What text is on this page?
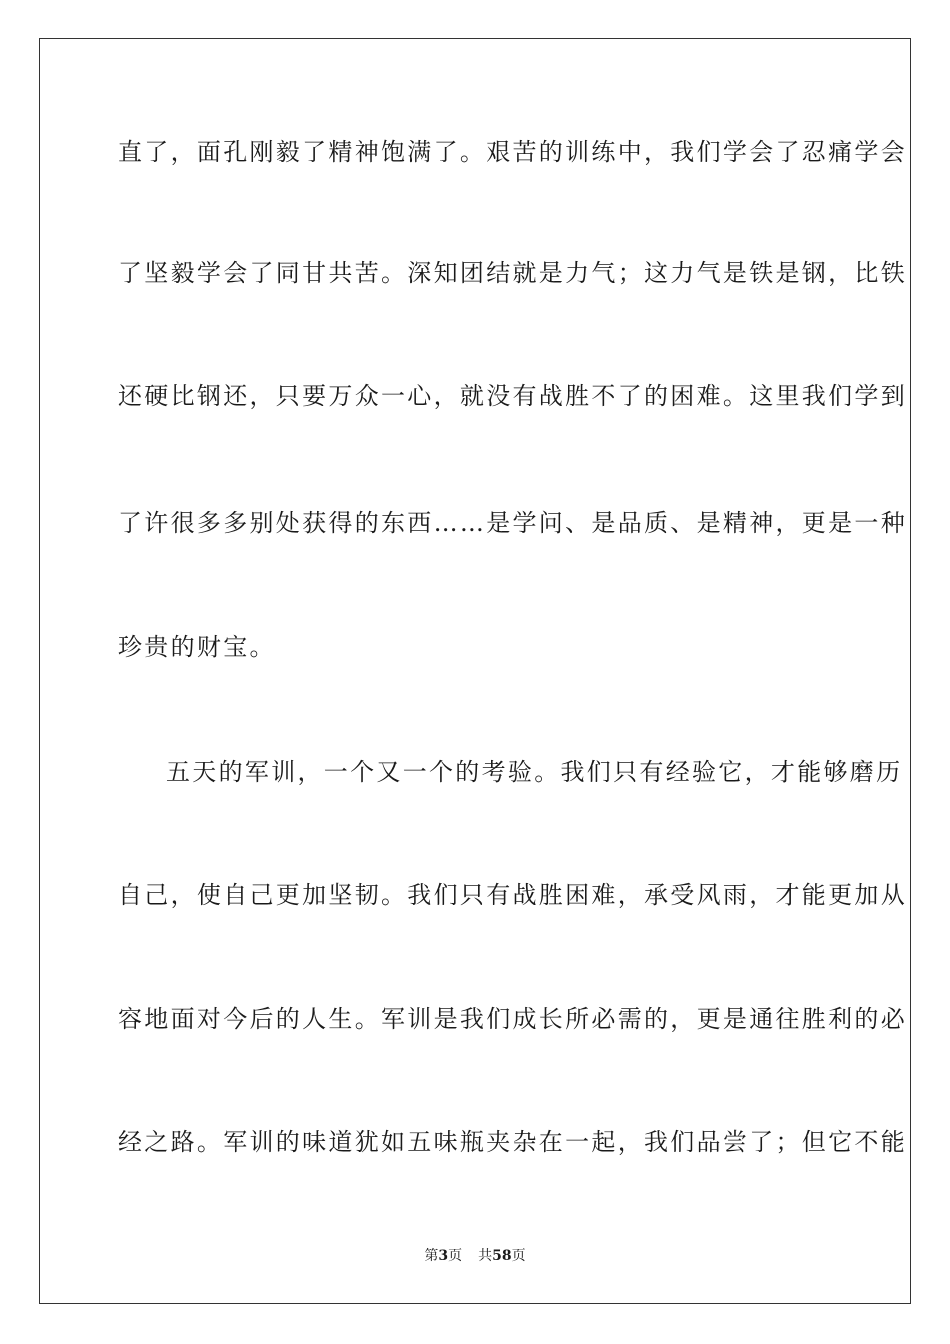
直了，面孔刚毅了精神饱满了。艰苦的训练中，我们学会了忍痛学会
了坚毅学会了同甘共苦。深知团结就是力气；这力气是铁是钢，比铁
还硬比钢还，只要万众一心，就没有战胜不了的困难。这里我们学到
了许很多多别处获得的东西……是学问、是品质、是精神，更是一种
珍贵的财宝。
五天的军训，一个又一个的考验。我们只有经验它，才能够磨历
自己，使自己更加坚韧。我们只有战胜困难，承受风雨，才能更加从
容地面对今后的人生。军训是我们成长所必需的，更是通往胜利的必
经之路。军训的味道犹如五味瓶夹杂在一起，我们品尝了；但它不能
第3页 共58页
